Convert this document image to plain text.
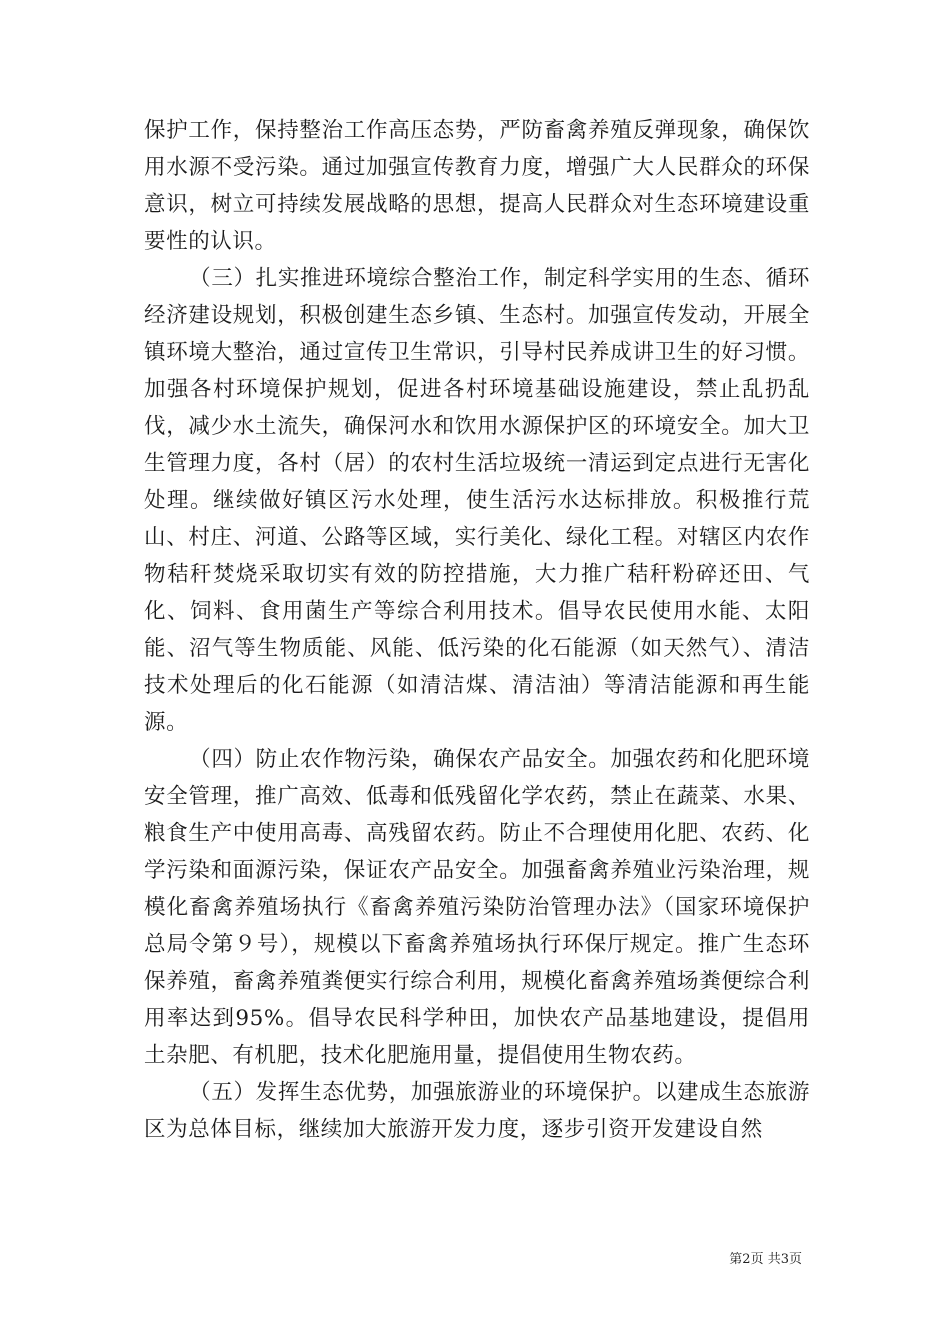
保护工作，保持整治工作高压态势，严防畜禽养殖反弹现象，确保饮用水源不受污染。通过加强宣传教育力度，增强广大人民群众的环保意识，树立可持续发展战略的思想，提高人民群众对生态环境建设重要性的认识。

（三）扎实推进环境综合整治工作，制定科学实用的生态、循环经济建设规划，积极创建生态乡镇、生态村。加强宣传发动，开展全镇环境大整治，通过宣传卫生常识，引导村民养成讲卫生的好习惯。加强各村环境保护规划，促进各村环境基础设施建设，禁止乱扔乱伐，减少水土流失，确保河水和饮用水源保护区的环境安全。加大卫生管理力度，各村（居）的农村生活垃圾统一清运到定点进行无害化处理。继续做好镇区污水处理，使生活污水达标排放。积极推行荒山、村庄、河道、公路等区域，实行美化、绿化工程。对辖区内农作物秸秆焚烧采取切实有效的防控措施，大力推广秸秆粉碎还田、气化、饲料、食用菌生产等综合利用技术。倡导农民使用水能、太阳能、沼气等生物质能、风能、低污染的化石能源（如天然气）、清洁技术处理后的化石能源（如清洁煤、清洁油）等清洁能源和再生能源。

（四）防止农作物污染，确保农产品安全。加强农药和化肥环境安全管理，推广高效、低毒和低残留化学农药，禁止在蔬菜、水果、粮食生产中使用高毒、高残留农药。防止不合理使用化肥、农药、化学污染和面源污染，保证农产品安全。加强畜禽养殖业污染治理，规模化畜禽养殖场执行《畜禽养殖污染防治管理办法》（国家环境保护总局令第９号），规模以下畜禽养殖场执行环保厅规定。推广生态环保养殖，畜禽养殖粪便实行综合利用，规模化畜禽养殖场粪便综合利用率达到95%。倡导农民科学种田，加快农产品基地建设，提倡用土杂肥、有机肥，技术化肥施用量，提倡使用生物农药。

（五）发挥生态优势，加强旅游业的环境保护。以建成生态旅游区为总体目标，继续加大旅游开发力度，逐步引资开发建设自然

第2页 共3页
